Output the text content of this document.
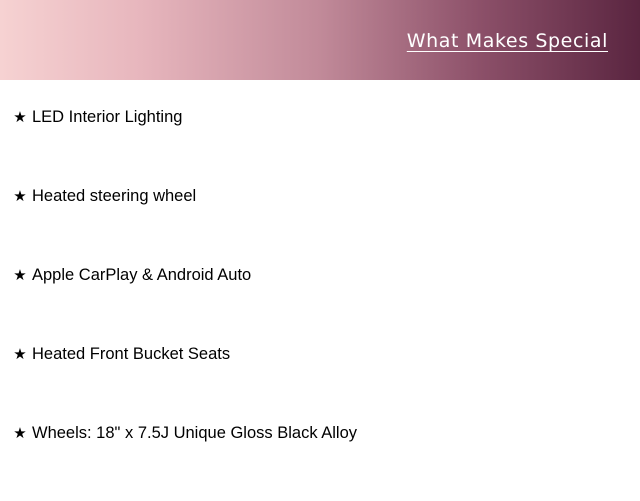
What Makes Special
★ LED Interior Lighting
★ Heated steering wheel
★ Apple CarPlay & Android Auto
★ Heated Front Bucket Seats
★ Wheels: 18" x 7.5J Unique Gloss Black Alloy
